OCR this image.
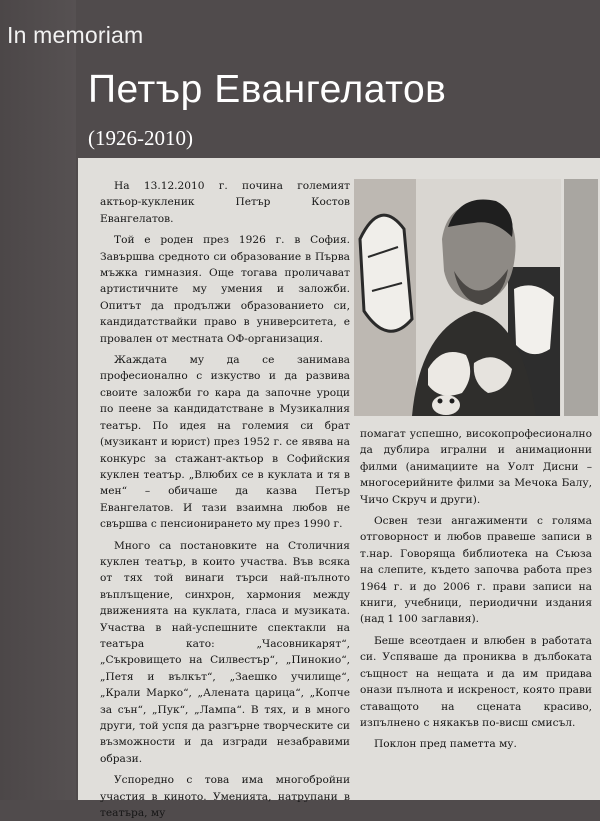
In memoriam
Петър Евангелатов
(1926-2010)

На 13.12.2010 г. почина големият актьор-кукленик Петър Костов Евангелатов.

Той е роден през 1926 г. в София. Завършва средното си образование в Първа мъжка гимназия. Още тогава проличават артистичните му умения и заложби. Опитът да продължи образованието си, кандидатствайки право в университета, е провален от местната ОФ-организация.

Жаждата му да се занимава професионално с изкуство и да развива своите заложби го кара да започне уроци по пеене за кандидатстване в Музикалния театър. По идея на големия си брат (музикант и юрист) през 1952 г. се явява на конкурс за стажант-актьор в Софийския куклен театър. „Влюбих се в куклата и тя в мен“ – обичаше да казва Петър Евангелатов. И тази взаимна любов не свършва с пенсионирането му през 1990 г.

Много са постановките на Столичния куклен театър, в които участва. Във всяка от тях той винаги търси най-пълното въплъщение, синхрон, хармония между движенията на куклата, гласа и музиката. Участва в най-успешните спектакли на театъра като: „Часовникарят“, „Съкровището на Силвестър“, „Пинокио“, „Петя и вълкът“, „Заешко училище“, „Крали Марко“, „Алената царица“, „Копче за сън“, „Пук“, „Лампа“. В тях, и в много други, той успя да разгърне творческите си възможности и да изгради незабравими образи.

Успоредно с това има многобройни участия в киното. Уменията, натрупани в театъра, му

помагат успешно, високопрофесионално да дублира игрални и анимационни филми (анимациите на Уолт Дисни – многосерийните филми за Мечока Балу, Чичо Скруч и други).

Освен тези ангажименти с голяма отговорност и любов правеше записи в т.нар. Говоряща библиотека на Съюза на слепите, където започва работа през 1964 г. и до 2006 г. прави записи на книги, учебници, периодични издания (над 1 100 заглавия).

Беше всеотдаен и влюбен в работата си. Успяваше да прониква в дълбоката същност на нещата и да им придава онази пълнота и искреност, която прави ставащото на сцената красиво, изпълнено с някакъв по-висш смисъл.

Поклон пред паметта му.
